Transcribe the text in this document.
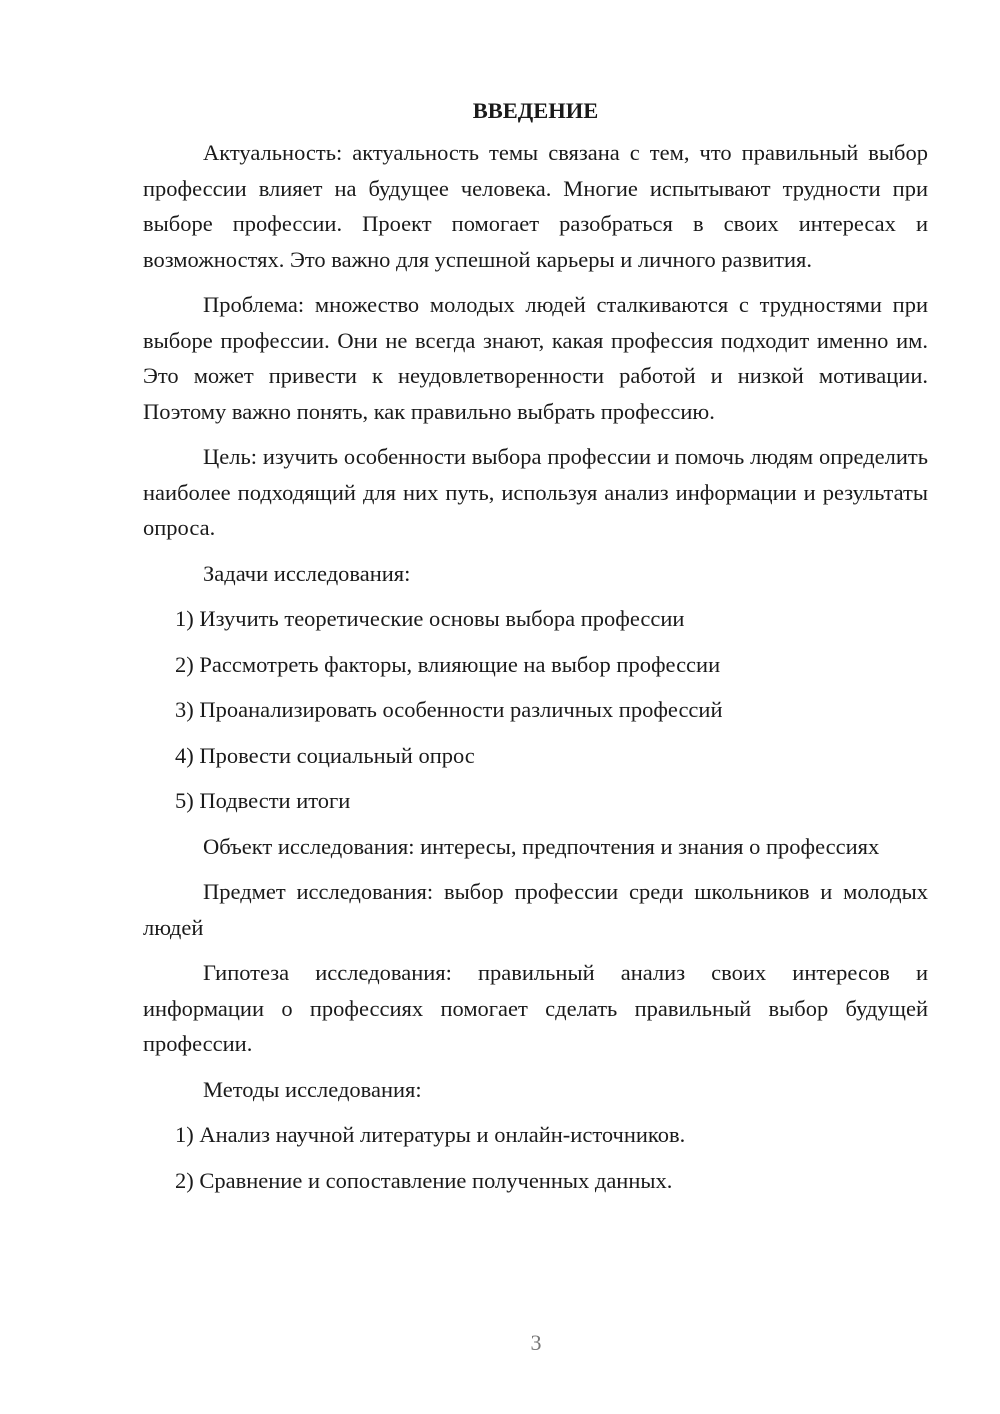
ВВЕДЕНИЕ

Актуальность: актуальность темы связана с тем, что правильный выбор профессии влияет на будущее человека. Многие испытывают трудности при выборе профессии. Проект помогает разобраться в своих интересах и возможностях. Это важно для успешной карьеры и личного развития.

Проблема: множество молодых людей сталкиваются с трудностями при выборе профессии. Они не всегда знают, какая профессия подходит именно им. Это может привести к неудовлетворенности работой и низкой мотивации. Поэтому важно понять, как правильно выбрать профессию.

Цель: изучить особенности выбора профессии и помочь людям определить наиболее подходящий для них путь, используя анализ информации и результаты опроса.

Задачи исследования:

1) Изучить теоретические основы выбора профессии
2) Рассмотреть факторы, влияющие на выбор профессии
3) Проанализировать особенности различных профессий
4) Провести социальный опрос
5) Подвести итоги

Объект исследования: интересы, предпочтения и знания о профессиях

Предмет исследования: выбор профессии среди школьников и молодых людей

Гипотеза исследования: правильный анализ своих интересов и информации о профессиях помогает сделать правильный выбор будущей профессии.

Методы исследования:

1) Анализ научной литературы и онлайн-источников.
2) Сравнение и сопоставление полученных данных.
3
